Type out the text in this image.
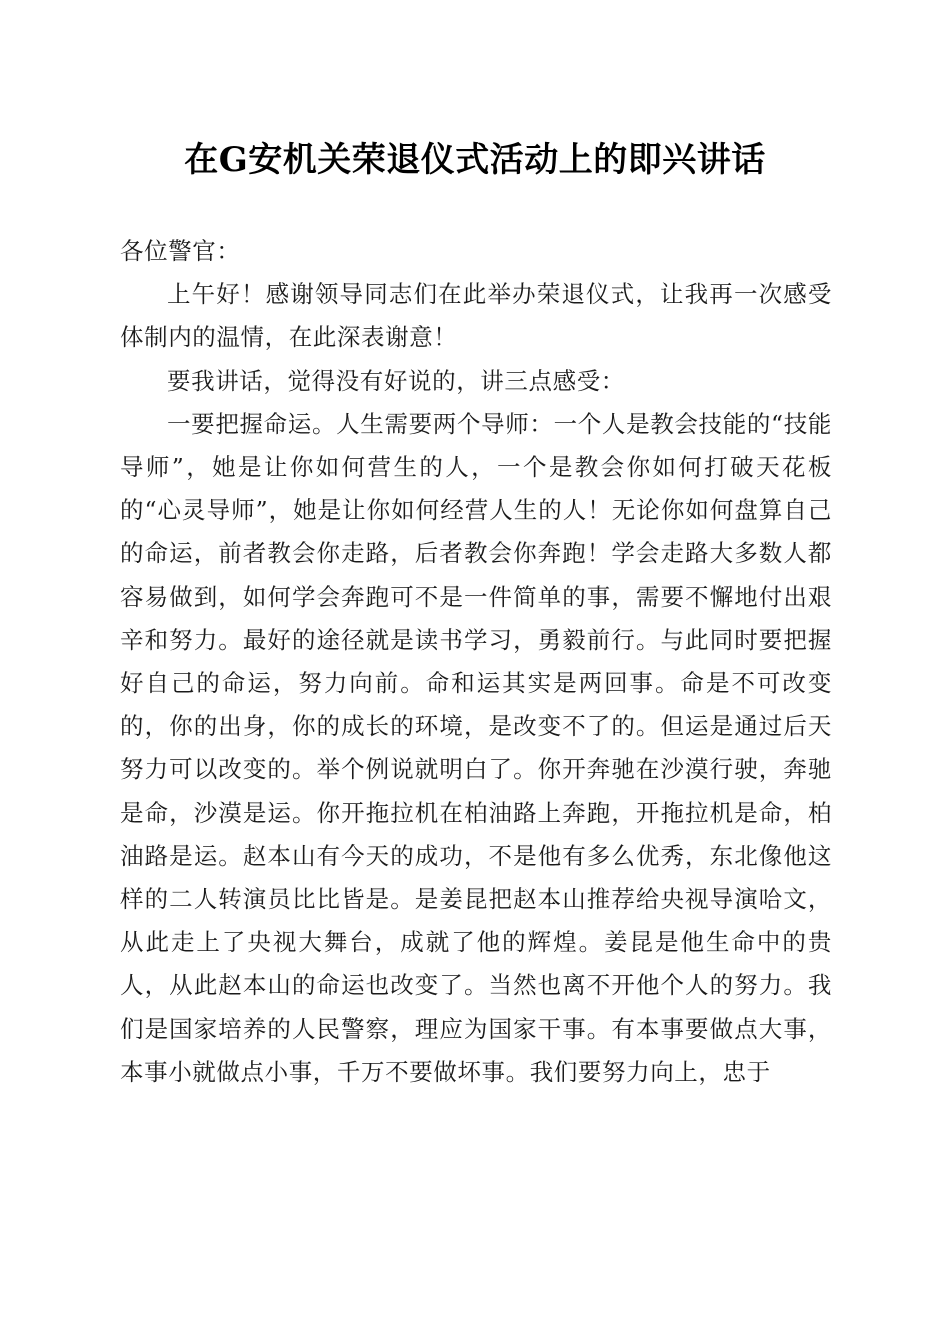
在G安机关荣退仪式活动上的即兴讲话

各位警官：

上午好！感谢领导同志们在此举办荣退仪式，让我再一次感受体制内的温情，在此深表谢意！

要我讲话，觉得没有好说的，讲三点感受：

一要把握命运。人生需要两个导师：一个人是教会技能的“技能导师”，她是让你如何营生的人，一个是教会你如何打破天花板的“心灵导师”，她是让你如何经营人生的人！无论你如何盘算自己的命运，前者教会你走路，后者教会你奔跑！学会走路大多数人都容易做到，如何学会奔跑可不是一件简单的事，需要不懈地付出艰辛和努力。最好的途径就是读书学习，勇毅前行。与此同时要把握好自己的命运，努力向前。命和运其实是两回事。命是不可改变的，你的出身，你的成长的环境，是改变不了的。但运是通过后天努力可以改变的。举个例说就明白了。你开奔驰在沙漠行驶，奔驰是命，沙漠是运。你开拖拉机在柏油路上奔跑，开拖拉机是命，柏油路是运。赵本山有今天的成功，不是他有多么优秀，东北像他这样的二人转演员比比皆是。是姜昆把赵本山推荐给央视导演哈文，从此走上了央视大舞台，成就了他的辉煌。姜昆是他生命中的贵人，从此赵本山的命运也改变了。当然也离不开他个人的努力。我们是国家培养的人民警察，理应为国家干事。有本事要做点大事，本事小就做点小事，千万不要做坏事。我们要努力向上，忠于
